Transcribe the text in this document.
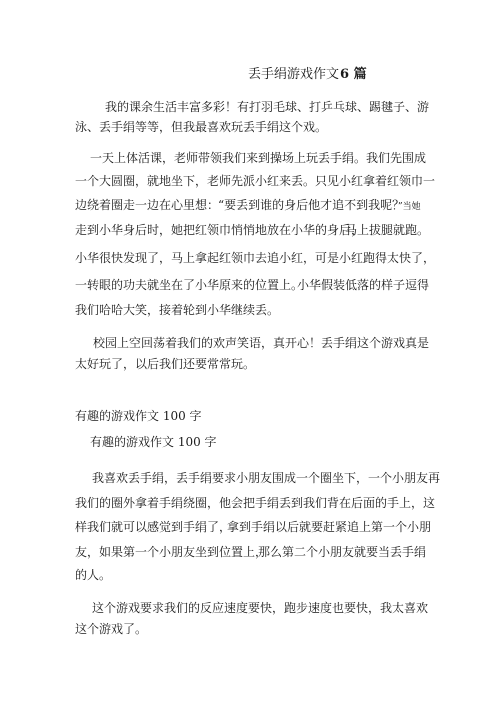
丢手绢游戏作文 6 篇
我的课余生活丰富多彩！有打羽毛球、打乒乓球、踢毽子、游
泳、丢手绢等等，但我最喜欢玩丢手绢这个戏。
一天上体活课，老师带领我们来到操场上玩丢手绢。我们先围成
一个大圆圈，就地坐下，老师先派小红来丢。只见小红拿着红领巾一
边绕着圈走一边在心里想：
“要丢到谁的身后他才追不到我呢？
”当她
走到小华身后时，她把红领巾悄悄地放在小华的身后，
马上拔腿就跑。
小华很快发现了，马上拿起红领巾去追小红，可是小红跑得太快了，
一转眼的功夫就坐在了小华原来的位置上。
小华假装低落的样子逗得
我们哈哈大笑，接着轮到小华继续丢。
校园上空回荡着我们的欢声笑语，真开心！丢手绢这个游戏真是
太好玩了，以后我们还要常常玩。
有趣的游戏作文 100 字
有趣的游戏作文 100 字
我喜欢丢手绢，丢手绢要求小朋友围成一个圈坐下，一个小朋友再
我们的圈外拿着手绢绕圈，他会把手绢丢到我们背在后面的手上，这
样我们就可以感觉到手绢了，
拿到手绢以后就要赶紧追上第一个小朋
友，如果第一个小朋友坐到位置上，
那么第二个小朋友就要当丢手绢
的人。
这个游戏要求我们的反应速度要快，跑步速度也要快，我太喜欢
这个游戏了。
